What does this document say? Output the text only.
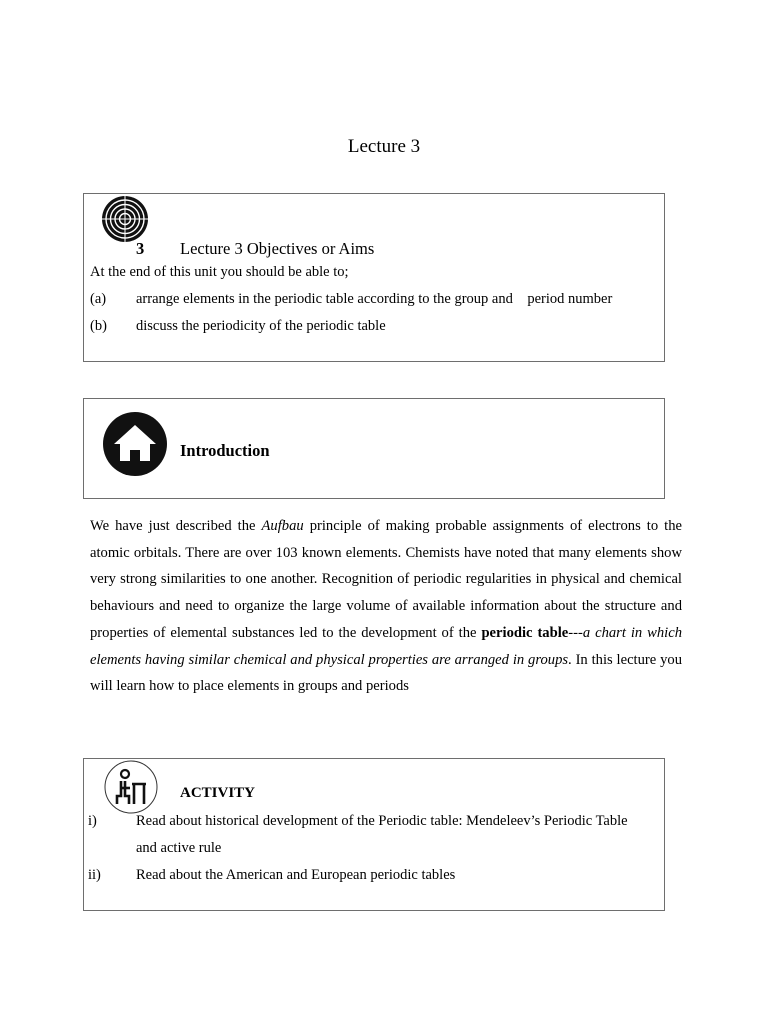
Lecture 3
3 Lecture 3 Objectives or Aims
At the end of this unit you should be able to;
(a) arrange elements in the periodic table according to the group and    period number
(b) discuss the periodicity of the periodic table
Introduction
We have just described the Aufbau principle of making probable assignments of electrons to the atomic orbitals. There are over 103 known elements. Chemists have noted that many elements show very strong similarities to one another. Recognition of periodic regularities in physical and chemical behaviours and need to organize the large volume of available information about the structure and properties of elemental substances led to the development of the periodic table---a chart in which elements having similar chemical and physical properties are arranged in groups. In this lecture you will learn how to place elements in groups and periods
ACTIVITY
i)	Read about historical development of the Periodic table: Mendeleev’s Periodic Table
and active rule
ii) Read about the American and European periodic tables
